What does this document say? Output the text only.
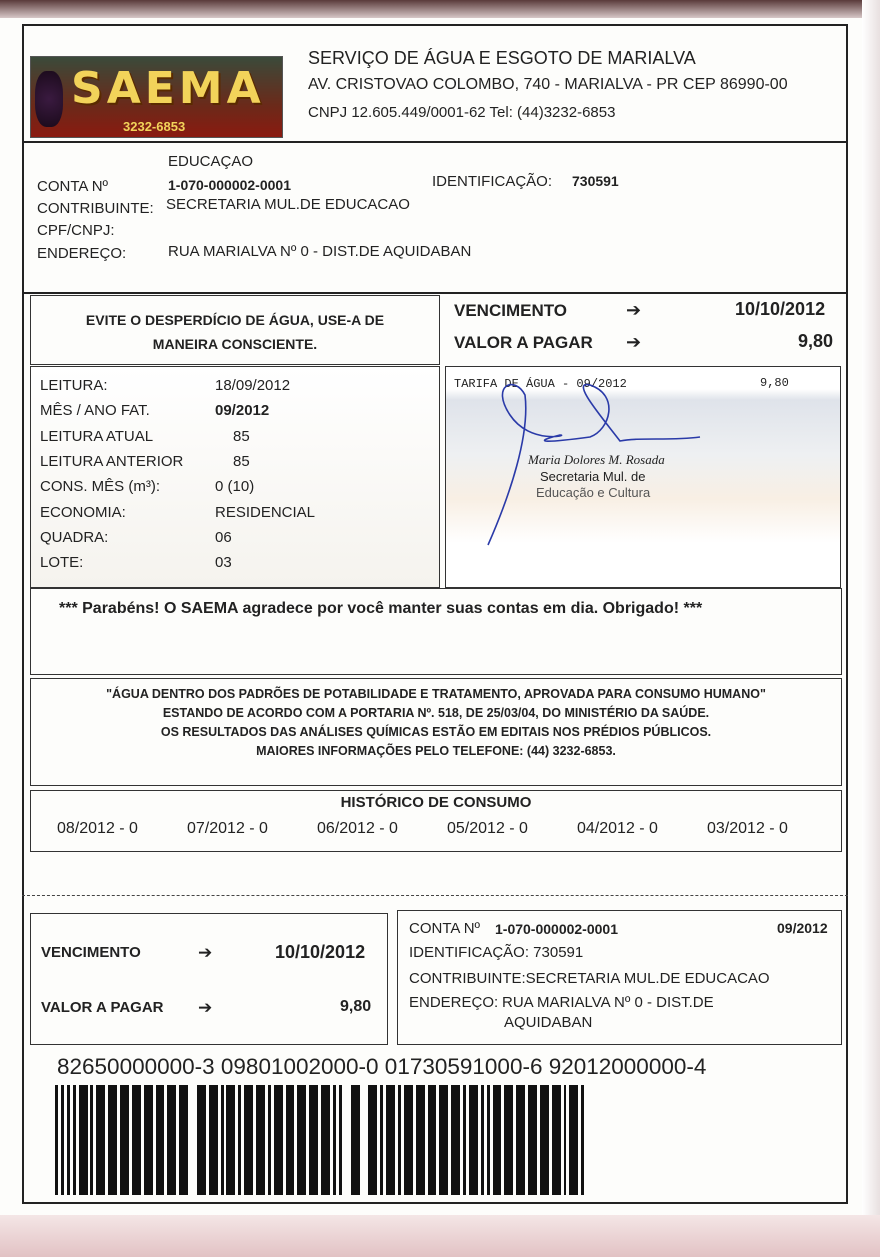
SAEMA
3232-6853
SERVIÇO DE ÁGUA E ESGOTO DE MARIALVA
AV. CRISTOVAO COLOMBO, 740 - MARIALVA - PR CEP 86990-00
CNPJ 12.605.449/0001-62 Tel: (44)3232-6853
EDUCAÇAO
CONTA Nº	1-070-000002-0001	IDENTIFICAÇÃO: 730591
CONTRIBUINTE: SECRETARIA MUL.DE EDUCACAO
CPF/CNPJ:
ENDEREÇO:	RUA MARIALVA Nº 0 - DIST.DE AQUIDABAN
EVITE O DESPERDÍCIO DE ÁGUA, USE-A DE
MANEIRA CONSCIENTE.
VENCIMENTO	➔	10/10/2012
VALOR A PAGAR ➔	9,80
LEITURA:	18/09/2012
MÊS / ANO FAT.	09/2012
LEITURA ATUAL	85
LEITURA ANTERIOR	85
CONS. MÊS (m³):	0 (10)
ECONOMIA:	RESIDENCIAL
QUADRA:	06
LOTE:	03
TARIFA DE ÁGUA - 09/2012	9,80
Maria Dolores M. Rosada
Secretaria Mul. de
Educação e Cultura
*** Parabéns! O SAEMA agradece por você manter suas contas em dia. Obrigado! ***
"ÁGUA DENTRO DOS PADRÕES DE POTABILIDADE E TRATAMENTO, APROVADA PARA CONSUMO HUMANO"
ESTANDO DE ACORDO COM A PORTARIA Nº. 518, DE 25/03/04, DO MINISTÉRIO DA SAÚDE.
OS RESULTADOS DAS ANÁLISES QUÍMICAS ESTÃO EM EDITAIS NOS PRÉDIOS PÚBLICOS.
MAIORES INFORMAÇÕES PELO TELEFONE: (44) 3232-6853.
HISTÓRICO DE CONSUMO
08/2012 - 0	07/2012 - 0	06/2012 - 0	05/2012 - 0	04/2012 - 0	03/2012 - 0
VENCIMENTO	➔	10/10/2012
VALOR A PAGAR ➔	9,80
CONTA Nº 1-070-000002-0001	09/2012
IDENTIFICAÇÃO: 730591
CONTRIBUINTE:SECRETARIA MUL.DE EDUCACAO
ENDEREÇO: RUA MARIALVA Nº 0 - DIST.DE
AQUIDABAN
82650000000-3 09801002000-0 01730591000-6 92012000000-4
